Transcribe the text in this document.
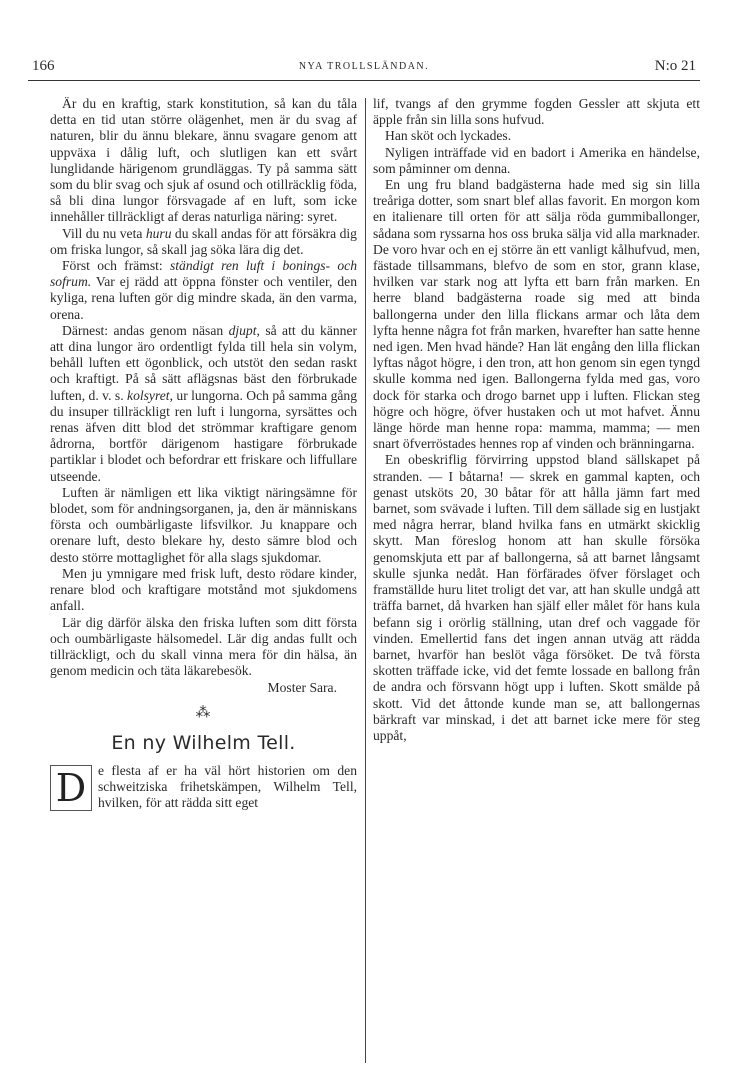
166	NYA TROLLSLÄNDAN.	N:o 21

Är du en kraftig, stark konstitution, så kan du tåla detta en tid utan större olägenhet, men är du svag af naturen, blir du ännu blekare, ännu svagare genom att uppväxa i dålig luft, och slutligen kan ett svårt lunglidande härigenom grundläggas. Ty på samma sätt som du blir svag och sjuk af osund och otillräcklig föda, så bli dina lungor försvagade af en luft, som icke innehåller tillräckligt af deras naturliga näring: syret.

Vill du nu veta huru du skall andas för att försäkra dig om friska lungor, så skall jag söka lära dig det.

Först och främst: ständigt ren luft i bonings- och sofrum. Var ej rädd att öppna fönster och ventiler, den kyliga, rena luften gör dig mindre skada, än den varma, orena.

Därnest: andas genom näsan djupt, så att du känner att dina lungor äro ordentligt fylda till hela sin volym, behåll luften ett ögonblick, och utstöt den sedan raskt och kraftigt. På så sätt aflägsnas bäst den förbrukade luften, d. v. s. kolsyret, ur lungorna. Och på samma gång du insuper tillräckligt ren luft i lungorna, syrsättes och renas äfven ditt blod det strömmar kraftigare genom ådrorna, bortför därigenom hastigare förbrukade partiklar i blodet och befordrar ett friskare och liffullare utseende.

Luften är nämligen ett lika viktigt näringsämne för blodet, som för andningsorganen, ja, den är människans första och oumbärligaste lifsvilkor. Ju knappare och orenare luft, desto blekare hy, desto sämre blod och desto större mottaglighet för alla slags sjukdomar.

Men ju ymnigare med frisk luft, desto rödare kinder, renare blod och kraftigare motstånd mot sjukdomens anfall.

Lär dig därför älska den friska luften som ditt första och oumbärligaste hälsomedel. Lär dig andas fullt och tillräckligt, och du skall vinna mera för din hälsa, än genom medicin och täta läkarebesök.

Moster Sara.
⁂
En ny Wilhelm Tell.

D e flesta af er ha väl hört historien om den schweitziska frihetskämpen, Wilhelm Tell, hvilken, för att rädda sitt eget

lif, tvangs af den grymme fogden Gessler att skjuta ett äpple från sin lilla sons hufvud.

Han sköt och lyckades.

Nyligen inträffade vid en badort i Amerika en händelse, som påminner om denna.

En ung fru bland badgästerna hade med sig sin lilla treåriga dotter, som snart blef allas favorit. En morgon kom en italienare till orten för att sälja röda gummiballonger, sådana som ryssarna hos oss bruka sälja vid alla marknader. De voro hvar och en ej större än ett vanligt kålhufvud, men, fästade tillsammans, blefvo de som en stor, grann klase, hvilken var stark nog att lyfta ett barn från marken. En herre bland badgästerna roade sig med att binda ballongerna under den lilla flickans armar och låta dem lyfta henne några fot från marken, hvarefter han satte henne ned igen. Men hvad hände? Han lät engång den lilla flickan lyftas något högre, i den tron, att hon genom sin egen tyngd skulle komma ned igen. Ballongerna fylda med gas, voro dock för starka och drogo barnet upp i luften. Flickan steg högre och högre, öfver hustaken och ut mot hafvet. Ännu länge hörde man henne ropa: mamma, mamma; — men snart öfverröstades hennes rop af vinden och bränningarna.

En obeskriflig förvirring uppstod bland sällskapet på stranden. — I båtarna! — skrek en gammal kapten, och genast utsköts 20, 30 båtar för att hålla jämn fart med barnet, som svävade i luften. Till dem sällade sig en lustjakt med några herrar, bland hvilka fans en utmärkt skicklig skytt. Man föreslog honom att han skulle försöka genomskjuta ett par af ballongerna, så att barnet långsamt skulle sjunka nedåt. Han förfärades öfver förslaget och framställde huru litet troligt det var, att han skulle undgå att träffa barnet, då hvarken han själf eller målet för hans kula befann sig i orörlig ställning, utan dref och vaggade för vinden. Emellertid fans det ingen annan utväg att rädda barnet, hvarför han beslöt våga försöket. De två första skotten träffade icke, vid det femte lossade en ballong från de andra och försvann högt upp i luften. Skott smälde på skott. Vid det åttonde kunde man se, att ballongernas bärkraft var minskad, i det att barnet ickе mere för steg uppåt,
